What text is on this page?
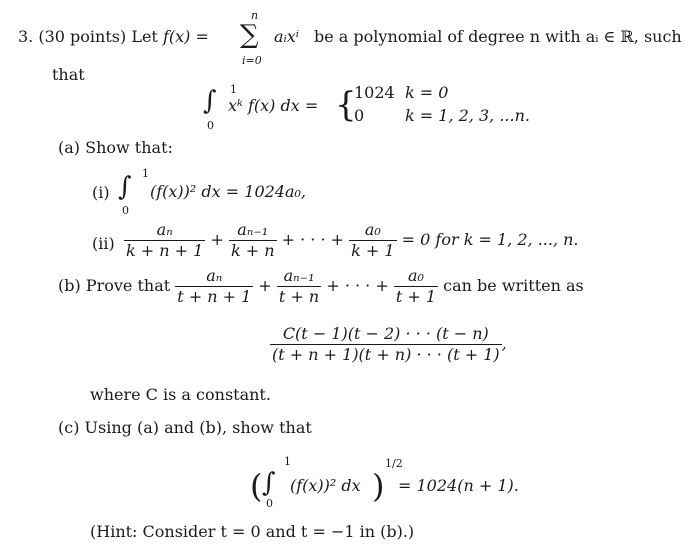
3. (30 points) Let f(x) =
n
∑
i=0
aᵢxⁱ be a polynomial of degree n with aᵢ ∈ ℝ, such
that
1
∫
0
xᵏ f(x) dx = {
1024 k = 0
0	k = 1, 2, 3, ...n.
(a) Show that:
(i)
1
∫
0
(f(x))² dx = 1024a₀,
$(ii) \frac{\text{aₙ}}{k + n + 1} + \frac{\text{aₙ₋₁}}{k + n}$ + · · · + $\frac{\text{a₀}}{k + 1} = 0$ for k = 1, 2, ..., n.
(b) Prove that $\frac{\text{aₙ}}{t + n + 1} + \frac{\text{aₙ₋₁}}{t + n}$ + · · · + $\frac{\text{a₀}}{t + 1}$ can be written as
$\frac{C(t - 1)(t - 2) \cdot \cdot \cdot (t - n)}{(t + n + 1)(t + n) \cdot \cdot \cdot (t + 1)}$ ,
where C is a constant.
(c) Using (a) and (b), show that
(
1
∫
0
(f(x))² dx )
1/2
= 1024(n + 1).
(Hint: Consider t = 0 and t = −1 in (b).)
